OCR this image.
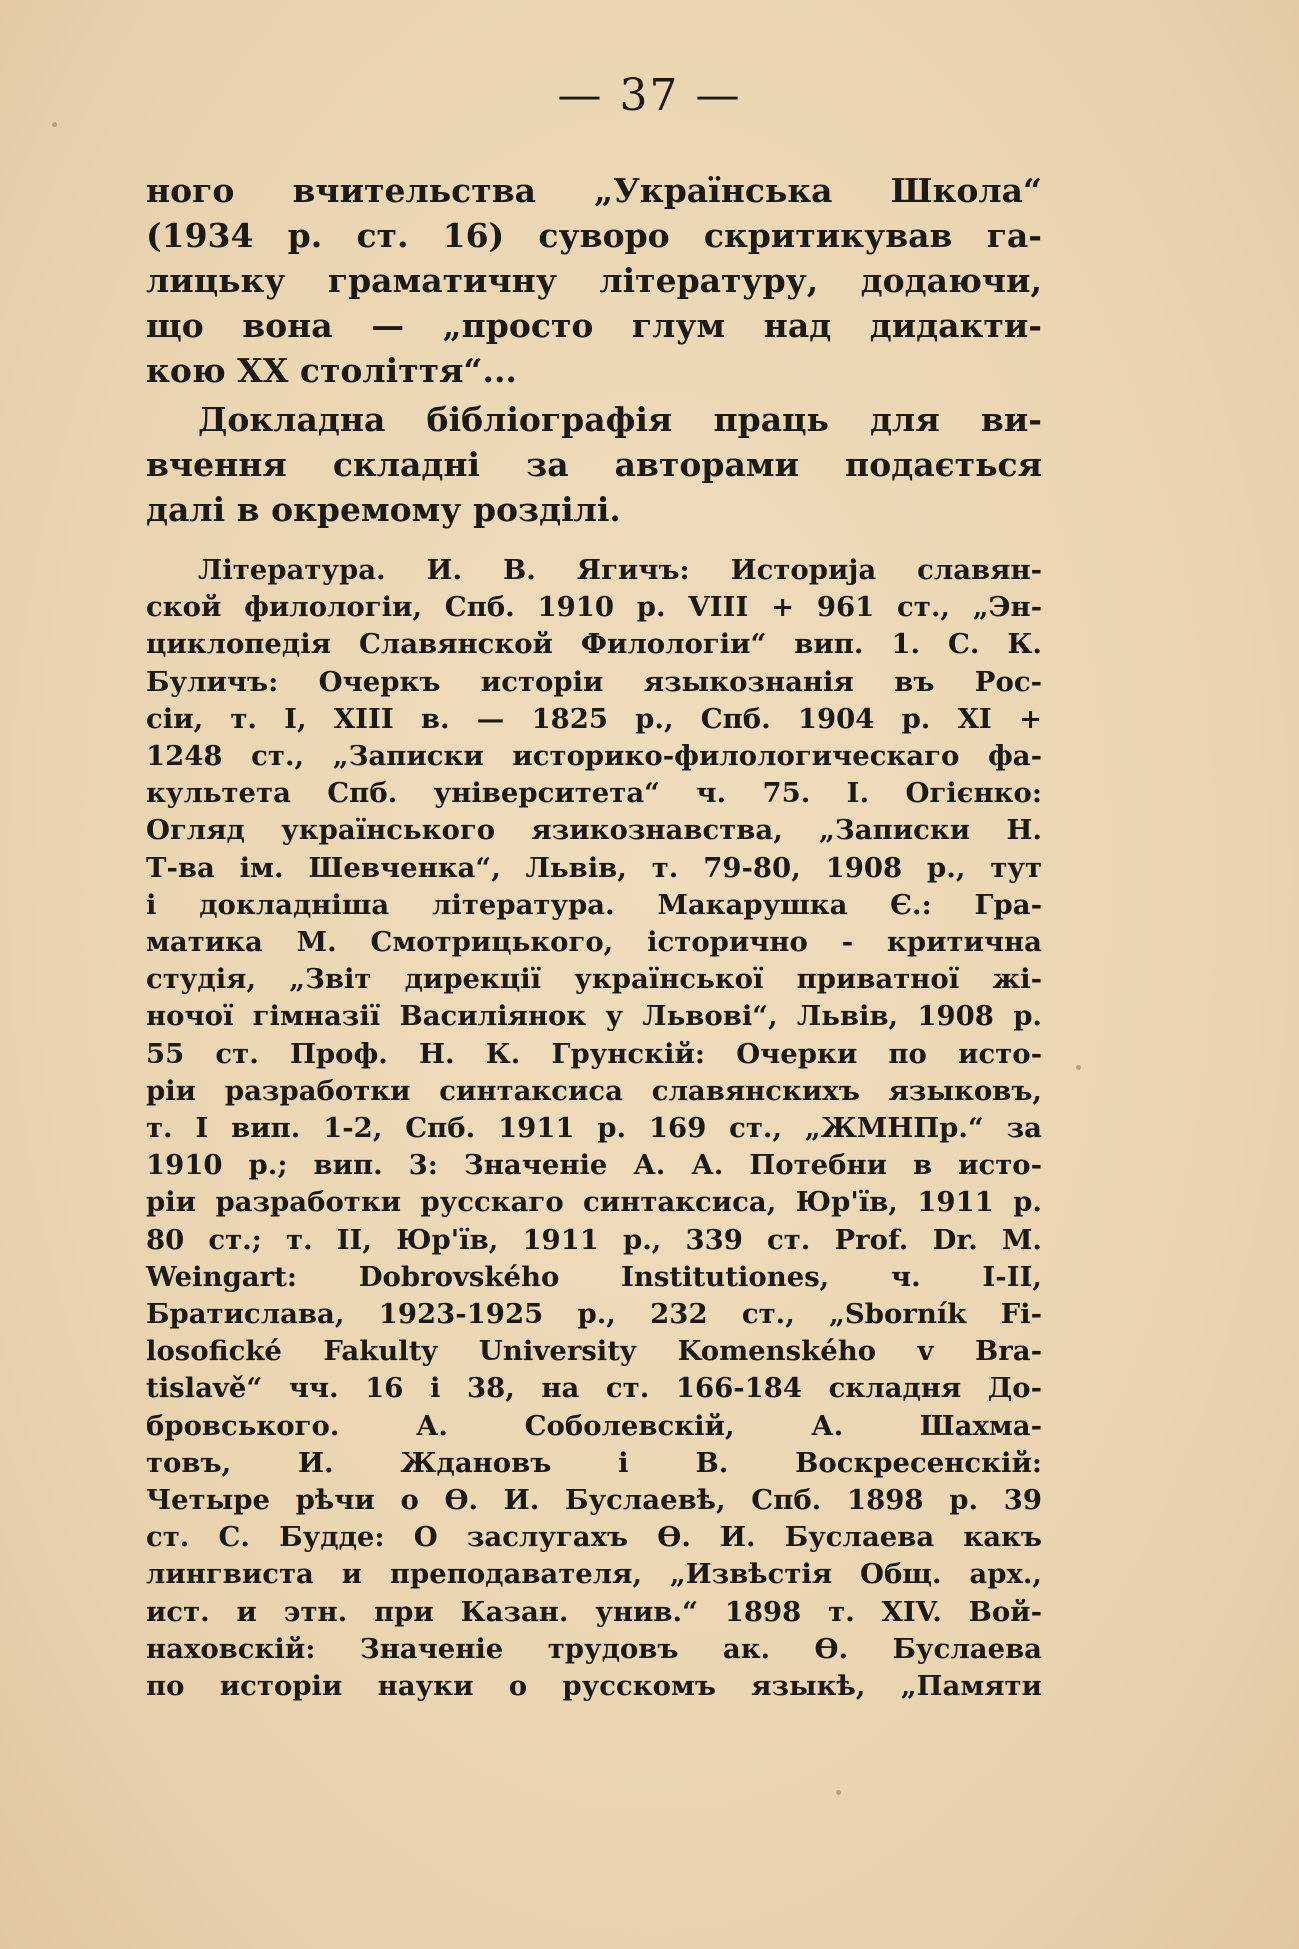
— 37 —

ного вчительства „Українська Школа“
(1934 р. ст. 16) суворо скритикував га-
лицьку граматичну літературу, додаючи,
що вона — „просто глум над дидакти-
кою XX століття“...

Докладна бібліографія праць для ви-
вчення складні за авторами подається
далі в окремому розділі.

Література. И. В. Ягичъ: Историја славян-
ской филологіи, Спб. 1910 р. VIII + 961 ст., „Эн-
циклопедія Славянской Филологіи“ вип. 1. С. К.
Буличъ: Очеркъ исторіи языкознанія въ Рос-
сіи, т. I, XIII в. — 1825 р., Спб. 1904 р. XI +
1248 ст., „Записки историко-филологическаго фа-
культета Спб. університета“ ч. 75. І. Огієнко:
Огляд українського язикознавства, „Записки Н.
Т-ва ім. Шевченка“, Львів, т. 79-80, 1908 р., тут
і докладніша література. Макарушка Є.: Гра-
матика М. Смотрицького, історично - критична
студія, „Звіт дирекції української приватної жі-
ночої гімназії Василіянок у Львові“, Львів, 1908 р.
55 ст. Проф. Н. К. Грунскій: Очерки по исто-
ріи разработки синтаксиса славянскихъ языковъ,
т. I вип. 1-2, Спб. 1911 р. 169 ст., „ЖМНПр.“ за
1910 р.; вип. 3: Значеніе А. А. Потебни в исто-
ріи разработки русскаго синтаксиса, Юр'їв, 1911 р.
80 ст.; т. II, Юр'їв, 1911 р., 339 ст. Prof. Dr. M.
Weingart: Dobrovského Institutiones, ч. I-II,
Братислава, 1923-1925 р., 232 ст., „Sborník Fi-
losofické Fakulty University Komenského v Bra-
tislavě“ чч. 16 і 38, на ст. 166-184 складня До-
бровського. А. Соболевскій, А. Шахма-
товъ, И. Ждановъ і В. Воскресенскій:
Четыре рѣчи о Ѳ. И. Буслаевѣ, Спб. 1898 р. 39
ст. С. Будде: О заслугахъ Ѳ. И. Буслаева какъ
лингвиста и преподавателя, „Извѣстія Общ. арх.,
ист. и этн. при Казан. унив.“ 1898 т. XIV. Вой-
наховскій: Значеніе трудовъ ак. Ѳ. Буслаева
по исторіи науки о русскомъ языкѣ, „Памяти
